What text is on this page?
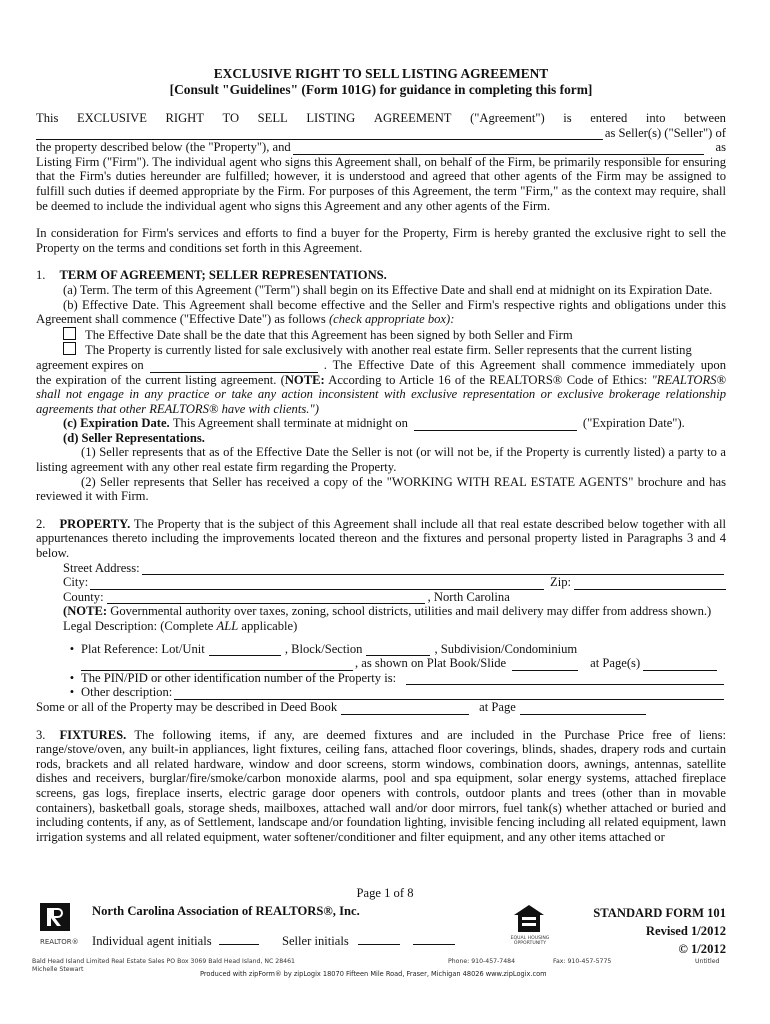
EXCLUSIVE RIGHT TO SELL LISTING AGREEMENT
[Consult "Guidelines" (Form 101G) for guidance in completing this form]
This EXCLUSIVE RIGHT TO SELL LISTING AGREEMENT ("Agreement") is entered into between
as Seller(s) ("Seller") of
the property described below (the "Property"), and	as

Listing Firm ("Firm"). The individual agent who signs this Agreement shall, on behalf of the Firm, be primarily responsible for ensuring that the Firm's duties hereunder are fulfilled; however, it is understood and agreed that other agents of the Firm may be assigned to fulfill such duties if deemed appropriate by the Firm. For purposes of this Agreement, the term "Firm," as the context may require, shall be deemed to include the individual agent who signs this Agreement and any other agents of the Firm.

In consideration for Firm's services and efforts to find a buyer for the Property, Firm is hereby granted the exclusive right to sell the Property on the terms and conditions set forth in this Agreement.

1. TERM OF AGREEMENT; SELLER REPRESENTATIONS.
(a) Term. The term of this Agreement ("Term") shall begin on its Effective Date and shall end at midnight on its Expiration Date.
(b) Effective Date. This Agreement shall become effective and the Seller and Firm's respective rights and obligations under this Agreement shall commence ("Effective Date") as follows (check appropriate box):
The Effective Date shall be the date that this Agreement has been signed by both Seller and Firm
The Property is currently listed for sale exclusively with another real estate firm. Seller represents that the current listing
agreement expires on	. The Effective Date of this Agreement shall commence immediately upon
the expiration of the current listing agreement. (NOTE: According to Article 16 of the REALTORS® Code of Ethics: "REALTORS® shall not engage in any practice or take any action inconsistent with exclusive representation or exclusive brokerage relationship agreements that other REALTORS® have with clients.")
(c) Expiration Date.
This Agreement shall terminate at midnight on	("Expiration Date").
(d) Seller Representations.
(1) Seller represents that as of the Effective Date the Seller is not (or will not be, if the Property is currently listed) a party to a listing agreement with any other real estate firm regarding the Property.
(2) Seller represents that Seller has received a copy of the "WORKING WITH REAL ESTATE AGENTS" brochure and has reviewed it with Firm.
2. PROPERTY. The Property that is the subject of this Agreement shall include all that real estate described below together with all appurtenances thereto including the improvements located thereon and the fixtures and personal property listed in Paragraphs 3 and 4 below.
Street Address:
City:	Zip:
County:	, North Carolina
(NOTE: Governmental authority over taxes, zoning, school districts, utilities and mail delivery may differ from address shown.)
Legal Description: (Complete ALL applicable)
• Plat Reference: Lot/Unit	, Block/Section	, Subdivision/Condominium
, as shown on Plat Book/Slide	at Page(s)
• The PIN/PID or other identification number of the Property is:
• Other description:
Some or all of the Property may be described in Deed Book	at Page
3. FIXTURES. The following items, if any, are deemed fixtures and are included in the Purchase Price free of liens: range/stove/oven, any built-in appliances, light fixtures, ceiling fans, attached floor coverings, blinds, shades, drapery rods and curtain rods, brackets and all related hardware, window and door screens, storm windows, combination doors, awnings, antennas, satellite dishes and receivers, burglar/fire/smoke/carbon monoxide alarms, pool and spa equipment, solar energy systems, attached fireplace screens, gas logs, fireplace inserts, electric garage door openers with controls, outdoor plants and trees (other than in movable containers), basketball goals, storage sheds, mailboxes, attached wall and/or door mirrors, fuel tank(s) whether attached or buried and including contents, if any, as of Settlement, landscape and/or foundation lighting, invisible fencing including all related equipment, lawn irrigation systems and all related equipment, water softener/conditioner and filter equipment, and any other items attached or
Page 1 of 8
REALTOR®
North Carolina Association of REALTORS®, Inc.
Individual agent initials	Seller initials	EQUAL HOUSING OPPORTUNITY
STANDARD FORM 101
Revised 1/2012
© 1/2012
Bald Head Island Limited Real Estate Sales PO Box 3069 Bald Head Island, NC 28461
Michelle Stewart
Phone: 910-457-7484	Fax: 910-457-5775	Untitled
Produced with zipForm® by zipLogix 18070 Fifteen Mile Road, Fraser, Michigan 48026 www.zipLogix.com
